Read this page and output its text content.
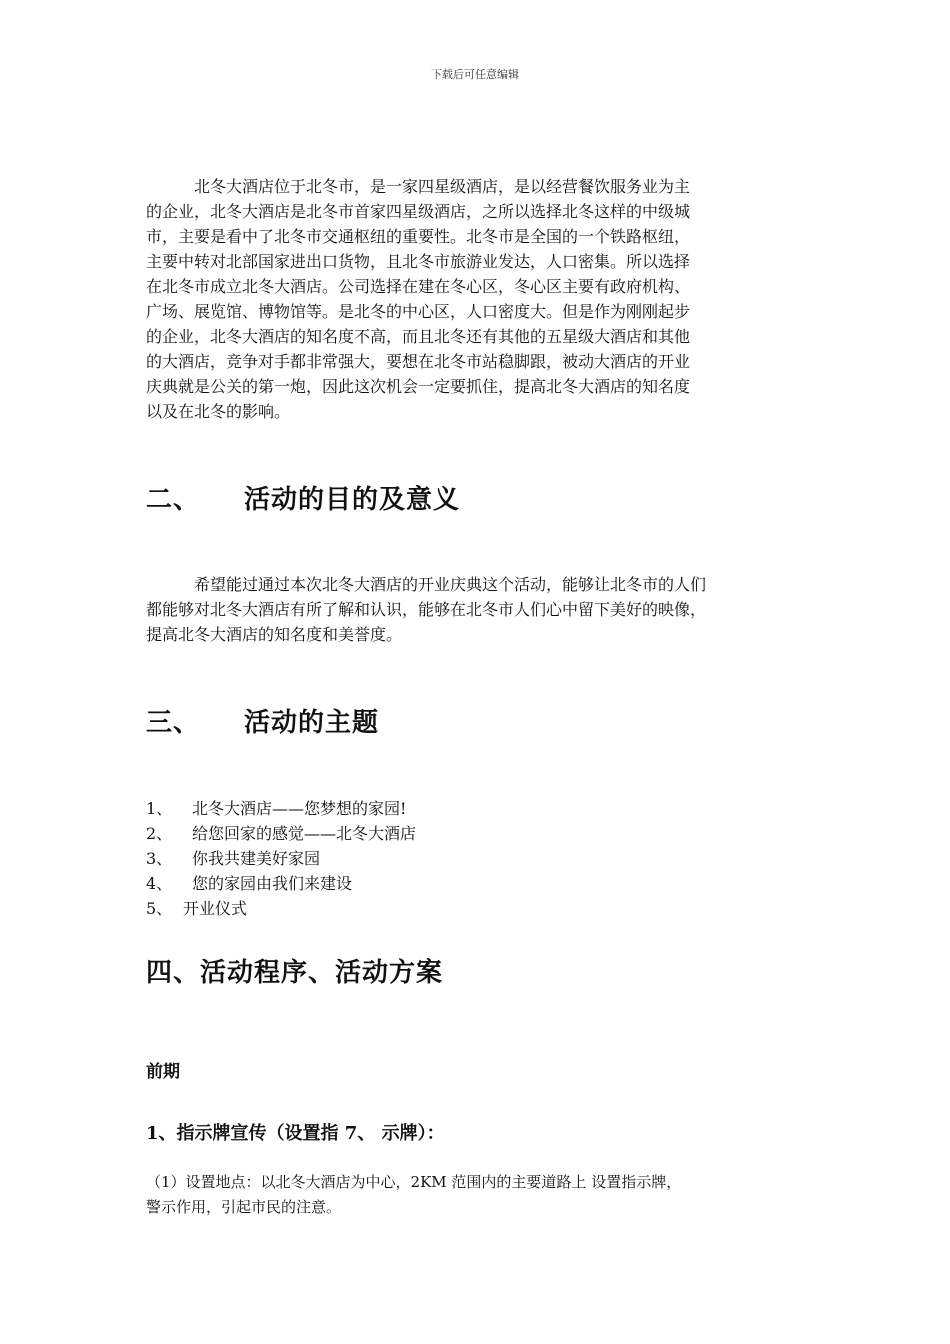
下载后可任意编辑
北冬大酒店位于北冬市，是一家四星级酒店，是以经营餐饮服务业为主
的企业，北冬大酒店是北冬市首家四星级酒店，之所以选择北冬这样的中级城
市，主要是看中了北冬市交通枢纽的重要性。北冬市是全国的一个铁路枢纽，
主要中转对北部国家进出口货物，且北冬市旅游业发达，人口密集。所以选择
在北冬市成立北冬大酒店。公司选择在建在冬心区，冬心区主要有政府机构、
广场、展览馆、博物馆等。是北冬的中心区，人口密度大。但是作为刚刚起步
的企业，北冬大酒店的知名度不高，而且北冬还有其他的五星级大酒店和其他
的大酒店，竞争对手都非常强大，要想在北冬市站稳脚跟，被动大酒店的开业
庆典就是公关的第一炮，因此这次机会一定要抓住，提高北冬大酒店的知名度
以及在北冬的影响。
二、 活动的目的及意义
希望能过通过本次北冬大酒店的开业庆典这个活动，能够让北冬市的人们
都能够对北冬大酒店有所了解和认识，能够在北冬市人们心中留下美好的映像，
提高北冬大酒店的知名度和美誉度。
三、 活动的主题
1、 北冬大酒店——您梦想的家园!
2、 给您回家的感觉——北冬大酒店
3、 你我共建美好家园
4、 您的家园由我们来建设
5、 开业仪式
四、活动程序、活动方案
前期
1、指示牌宣传（设置指 7、 示牌）：
（1）设置地点：以北冬大酒店为中心，2KM 范围内的主要道路上 设置指示牌，
警示作用，引起市民的注意。
